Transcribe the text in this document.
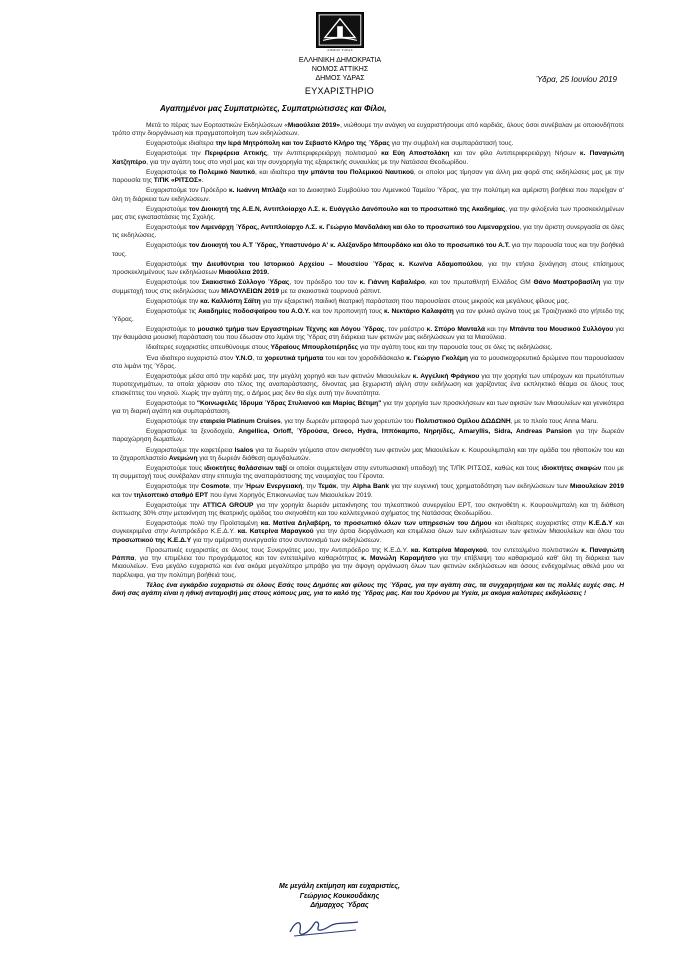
ΔΗΜΟΣ ΥΔΡΑΣ
ΕΛΛΗΝΙΚΗ ΔΗΜΟΚΡΑΤΙΑ
ΝΟΜΟΣ ΑΤΤΙΚΗΣ
ΔΗΜΟΣ ΥΔΡΑΣ	Ύδρα, 25 Ιουνίου 2019
ΕΥΧΑΡΙΣΤΗΡΙΟ
Αγαπημένοι μας Συμπατριώτες, Συμπατριώτισσες και Φίλοι,

Μετά το πέρας των Εορταστικών Εκδηλώσεων «Μιαούλεια 2019», νιώθουμε την ανάγκη να ευχαριστήσουμε από καρδιάς, όλους όσοι συνέβαλαν με οποιονδήποτε τρόπο στην διοργάνωση και πραγματοποίηση των εκδηλώσεων.

Ευχαριστούμε ιδιαίτερα την Ιερά Μητρόπολη και τον Σεβαστό Κλήρο της Ύδρας για την συμβολή και συμπαράστασή τους.

Ευχαριστούμε την Περιφέρεια Αττικής, την Αντιπεριφερειάρχη πολιτισμού κα Εύη Αποστολάκη και τον φίλο Αντιπεριφερειάρχη Νήσων κ. Παναγιώτη Χατζηπέρο, για την αγάπη τους στο νησί μας και την συνχορηγία της εξαιρετικής συναυλίας με την Νατάσσα Θεοδωρίδου.

Ευχαριστούμε το Πολεμικό Ναυτικό, και ιδιαίτερα την μπάντα του Πολεμικού Ναυτικού, οι οποίοι μας τίμησαν για άλλη μια φορά στις εκδηλώσεις μας με την παρουσία της Τ/ΠΚ «ΡΙΤΣΟΣ».

Ευχαριστούμε τον Πρόεδρο κ. Ιωάννη Μπλάζο και το Διοικητικό Συμβούλιο του Λιμενικού Ταμείου Ύδρας, για την πολύτιμη και αμέριστη βοήθεια που παρείχαν σ' όλη τη διάρκεια των εκδηλώσεων.

Ευχαριστούμε τον Διοικητή της Α.Ε.Ν, Αντιπλοίαρχο Λ.Σ. κ. Ευάγγελο Δανόπουλο και το προσωπικό της Ακαδημίας, για την φιλοξενία των προσκεκλημένων μας στις εγκαταστάσεις της Σχολής.

Ευχαριστούμε τον Λιμενάρχη Ύδρας, Αντιπλοίαρχο Λ.Σ. κ. Γεώργιο Μανδαλάκη και όλο το προσωπικό του Λιμεναρχείου, για την άριστη συνεργασία σε όλες τις εκδηλώσεις.

Ευχαριστούμε τον Διοικητή του Α.Τ Ύδρας, Υπαστυνόμο Α' κ. Αλέξανδρο Μπουρδάκο και όλο το προσωπικό του Α.Τ. για την παρουσία τους και την βοήθειά τους.

Ευχαριστούμε την Διευθύντρια του Ιστορικού Αρχείου – Μουσείου Ύδρας κ. Κων/να Αδαμοπούλου, για την ετήσια ξενάγηση στους επίσημους προσκεκλημένους των εκδηλώσεων Μιαούλεια 2019.

Ευχαριστούμε τον Σκακιστικό Σύλλογο Ύδρας, τον πρόεδρο του τον κ. Γιάννη Καβαλιέρο, και τον πρωταθλητή Ελλάδος GM Θάνο Μαστροβασίλη για την συμμετοχή τους στις εκδηλώσεις των ΜΙΑΟΥΛΕΙΩΝ 2019 με τα σκακιστικά τουρνουά ράπιντ.

Ευχαριστούμε την κα. Καλλιόπη Σάϊτη για την εξαιρετική παιδική θεατρική παράσταση που παρουσίασε στους μικρούς και μεγάλους φίλους μας.

Ευχαριστούμε τις Ακαδημίες ποδοσφαίρου του Α.Ο.Υ. και τον προπονητή τους κ. Νεκτάριο Καλαφάτη για τον φιλικό αγώνα τους με Τροιζηνιακό στο γήπεδο της Ύδρας.

Ευχαριστούμε το μουσικό τμήμα των Εργαστηρίων Τέχνης και Λόγου Ύδρας, τον μαέστρο κ. Σπύρο Μανταλά και την Μπάντα του Μουσικού Συλλόγου για την θαυμάσια μουσική παράσταση του που έδωσαν στο λιμάνι της Ύδρας στη διάρκεια των φετινών μας εκδηλώσεων για τα Μιαούλεια.

Ιδιαίτερες ευχαριστίες απευθύνουμε στους Υδραίους Μπουρλοτιέρηδες για την αγάπη τους και την παρουσία τους σε όλες τις εκδηλώσεις.

Ένα ιδιαίτερο ευχαριστώ στον Υ.Ν.Ο, τα χορευτικά τμήματα του και τον χοροδιδάσκαλο κ. Γεώργιο Γκολέμη για το μουσικοχορευτικό δρώμενο που παρουσίασαν στο λιμάνι της Ύδρας.

Ευχαριστούμε μέσα από την καρδιά μας, την μεγάλη χορηγό και των φετινών Μιαουλείων κ. Αγγελική Φράγκου για την χορηγία των υπέροχων και πρωτότυπων πυροτεχνημάτων, τα οποία χάρισαν στο τέλος της αναπαράστασης, δίνοντας μια ξεχωριστή αίγλη στην εκδήλωση και χαρίζοντας ένα εκπληκτικό θέαμα σε όλους τους επισκέπτες του νησιού. Χωρίς την αγάπη της, ο Δήμος μας δεν θα είχε αυτή την δυνατότητα.

Ευχαριστούμε το "Κοινωφελές Ίδρυμα Ύδρας Στυλιανού και Μαρίας Βέτιμη" για την χορηγία των προσκλήσεων και των αφισών των Μιαουλείων και γενικότερα για τη διαρκή αγάπη και συμπαράσταση.

Ευχαριστούμε την εταιρεία Platinum Cruises, για την δωρεάν μεταφορά των χορευτών του Πολιτιστικού Ομίλου ΔΩΔΩΝΗ, με το πλοίο τους Anna Maru.

Ευχαριστούμε τα ξενοδοχεία, Angellica, Orloff, Ύδρούσα, Greco, Hydra, Ιππόκαμπο, Νηρηίδες, Amaryllis, Sidra, Andreas Pansion για την δωρεάν παραχώρηση δωματίων.

Ευχαριστούμε την καφετέρεια Isalos για τα δωρεάν γεύματα στον σκηνοθέτη των φετινών μας Μιαουλείων κ. Κουρουλιμπαλη και την ομάδα του ηθοποιών του και το ζαχαροπλαστείο Ανεμώνη για τη δωρεάν διάθεση αμυγδαλωτών.

Ευχαριστούμε τους ιδιοκτήτες θαλάσσιων ταξί οι οποίοι συμμετείχαν στην εντυπωσιακή υποδοχή της Τ/ΠΚ ΡΙΤΣΟΣ, καθώς και τους ιδιοκτήτες σκαφών που με τη συμμετοχή τους συνέβαλαν στην επιτυχία της αναπαράστασης της ναυμαχίας του Γέροντα.

Ευχαριστούμε την Cosmote, την Ήρων Ενεργειακή, την Τεμάκ, την Alpha Bank για την ευγενική τους χρηματοδότηση των εκδηλώσεων των Μιαουλείων 2019 και τον τηλεοπτικό σταθμό ΕΡΤ που έγινε Χορηγός Επικοινωνίας των Μιαουλείων 2019.

Ευχαριστούμε την ATTICA GROUP για την χορηγία δωρεάν μετακίνησης του τηλεοπτικού συνεργείου ΕΡΤ, του σκηνοθέτη κ. Κουρουλιμπαλη και τη διάθεση έκπτωσης 30% στην μετακίνηση της θεατρικής ομάδας του σκηνοθέτη και του καλλιτεχνικού σχήματος της Νατάσσας Θεοδωρίδου.

Ευχαριστούμε πολύ την Προϊσταμένη κα. Ματίνα Δηλαβέρη, το προσωπικό όλων των υπηρεσιών του Δήμου και ιδιαίτερες ευχαριστίες στην Κ.Ε.Δ.Υ και συγκεκριμένα στην Αντιπρόεδρο Κ.Ε.Δ.Υ. κα. Κατερίνα Μαραγκού για την άρτια διοργάνωση και επιμέλεια όλων των εκδηλώσεων των φετινών Μιαουλείων και όλου του προσωπικού της Κ.Ε.Δ.Υ για την αμέριστη συνεργασία στον συντονισμό των εκδηλώσεων.

Προσωπικές ευχαριστίες σε όλους τους Συνεργάτες μου, την Αντιπρόεδρο της Κ.Ε.Δ.Υ. κα. Κατερίνα Μαραγκού, τον εντεταλμένο πολιτιστικών κ. Παναγιώτη Ράππα, για την επιμέλεια του προγράμματος και τον εντεταλμένο καθαριότητας κ. Μανώλη Καραμήτσο για την επίβλεψη του καθαρισμού καθ' όλη τη διάρκεια των Μιαουλείων. Ένα μεγάλο ευχαριστώ και ένα ακόμα μεγαλύτερο μπράβο για την άψογη οργάνωση όλων των φετινών εκδηλώσεων και όσους ενδεχομένως αθελά μου να παρέλειψα, για την πολύτιμη βοήθειά τους.

Τέλος ένα εγκάρδιο ευχαριστώ σε όλους Εσάς τους Δημότες και φίλους της Ύδρας, για την αγάπη σας, τα συγχαρητήρια και τις πολλές ευχές σας. Η δική σας αγάπη είναι η ηθική ανταμοιβή μας στους κόπους μας, για το καλό της Ύδρας μας. Και του Χρόνου με Υγεία, με ακόμα καλύτερες εκδηλώσεις !

Με μεγάλη εκτίμηση και ευχαριστίες,
Γεώργιος Κουκουδάκης
Δήμαρχος Ύδρας
